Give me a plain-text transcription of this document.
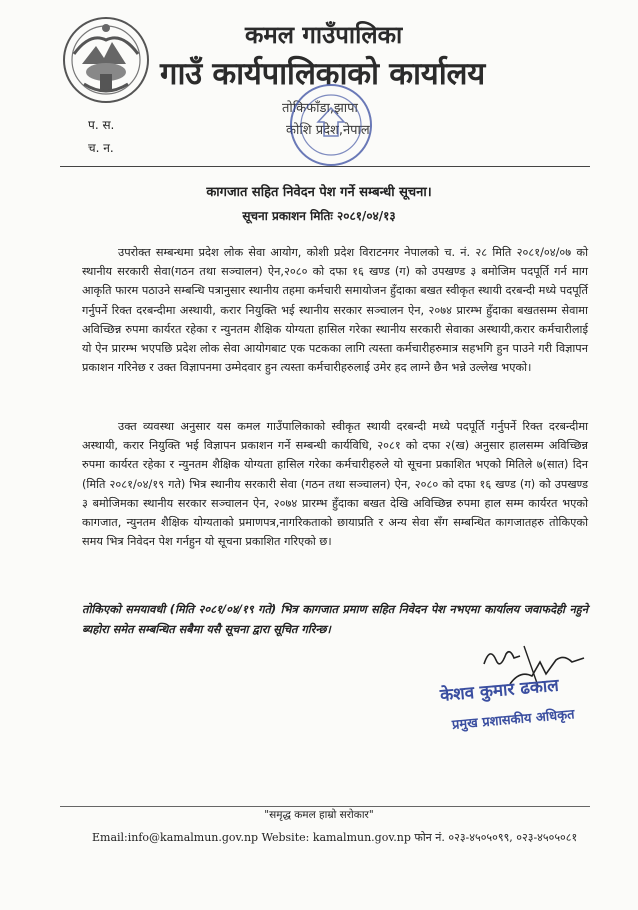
कमल गाउँपालिका
गाउँ कार्यपालिकाको कार्यालय
तोकिफाँडा,झापा
कोशि प्रदेश,नेपाल
प. स.
च. न.
कागजात सहित निवेदन पेश गर्ने सम्बन्धी सूचना।
सूचना प्रकाशन मितिः २०८१/०४/१३

उपरोक्त सम्बन्धमा प्रदेश लोक सेवा आयोग, कोशी प्रदेश विराटनगर नेपालको च. नं. २८ मिति २०८१/०४/०७ को स्थानीय सरकारी सेवा(गठन तथा सञ्चालन) ऐन,२०८० को दफा १६ खण्ड (ग) को उपखण्ड ३ बमोजिम पदपूर्ति गर्न माग आकृति फारम पठाउने सम्बन्धि पत्रानुसार स्थानीय तहमा कर्मचारी समायोजन हुँदाका बखत स्वीकृत स्थायी दरबन्दी मध्ये पदपूर्ति गर्नुपर्ने रिक्त दरबन्दीमा अस्थायी, करार नियुक्ति भई स्थानीय सरकार सञ्चालन ऐन, २०७४ प्रारम्भ हुँदाका बखतसम्म सेवामा अविच्छिन्न रुपमा कार्यरत रहेका र न्युनतम शैक्षिक योग्यता हासिल गरेका स्थानीय सरकारी सेवाका अस्थायी,करार कर्मचारीलाई यो ऐन प्रारम्भ भएपछि प्रदेश लोक सेवा आयोगबाट एक पटकका लागि त्यस्ता कर्मचारीहरुमात्र सहभगि हुन पाउने गरी विज्ञापन प्रकाशन गरिनेछ र उक्त विज्ञापनमा उम्मेदवार हुन त्यस्ता कर्मचारीहरुलाई उमेर हद लाग्ने छैन भन्ने उल्लेख भएको।

उक्त व्यवस्था अनुसार यस कमल गाउँपालिकाको स्वीकृत स्थायी दरबन्दी मध्ये पदपूर्ति गर्नुपर्ने रिक्त दरबन्दीमा अस्थायी, करार नियुक्ति भई विज्ञापन प्रकाशन गर्ने सम्बन्धी कार्यविधि, २०८१ को दफा २(ख) अनुसार हालसम्म अविच्छिन्न रुपमा कार्यरत रहेका र न्युनतम शैक्षिक योग्यता हासिल गरेका कर्मचारीहरुले यो सूचना प्रकाशित भएको मितिले ७(सात) दिन (मिति २०८१/०४/१९ गते) भित्र स्थानीय सरकारी सेवा (गठन तथा सञ्चालन) ऐन, २०८० को दफा १६ खण्ड (ग) को उपखण्ड ३ बमोजिमका स्थानीय सरकार सञ्चालन ऐन, २०७४ प्रारम्भ हुँदाका बखत देखि अविच्छिन्न रुपमा हाल सम्म कार्यरत भएको कागजात, न्युनतम शैक्षिक योग्यताको प्रमाणपत्र,नागरिकताको छायाप्रति र अन्य सेवा सँग सम्बन्धित कागजातहरु तोकिएको समय भित्र निवेदन पेश गर्नहुन यो सूचना प्रकाशित गरिएको छ।

तोकिएको समयावधी (मिति २०८१/०४/१९ गते) भित्र कागजात प्रमाण सहित निवेदन पेश नभएमा कार्यालय जवाफदेही नहुने ब्यहोरा समेत सम्बन्धित सबैमा यसै सूचना द्वारा सूचित गरिन्छ।

केशव कुमार ढकाल
प्रमुख प्रशासकीय अधिकृत
"समृद्ध कमल हाम्रो सरोकार"
Email:info@kamalmun.gov.np Website: kamalmun.gov.np फोन नं. ०२३-४५०५०९९, ०२३-४५०५०८१
